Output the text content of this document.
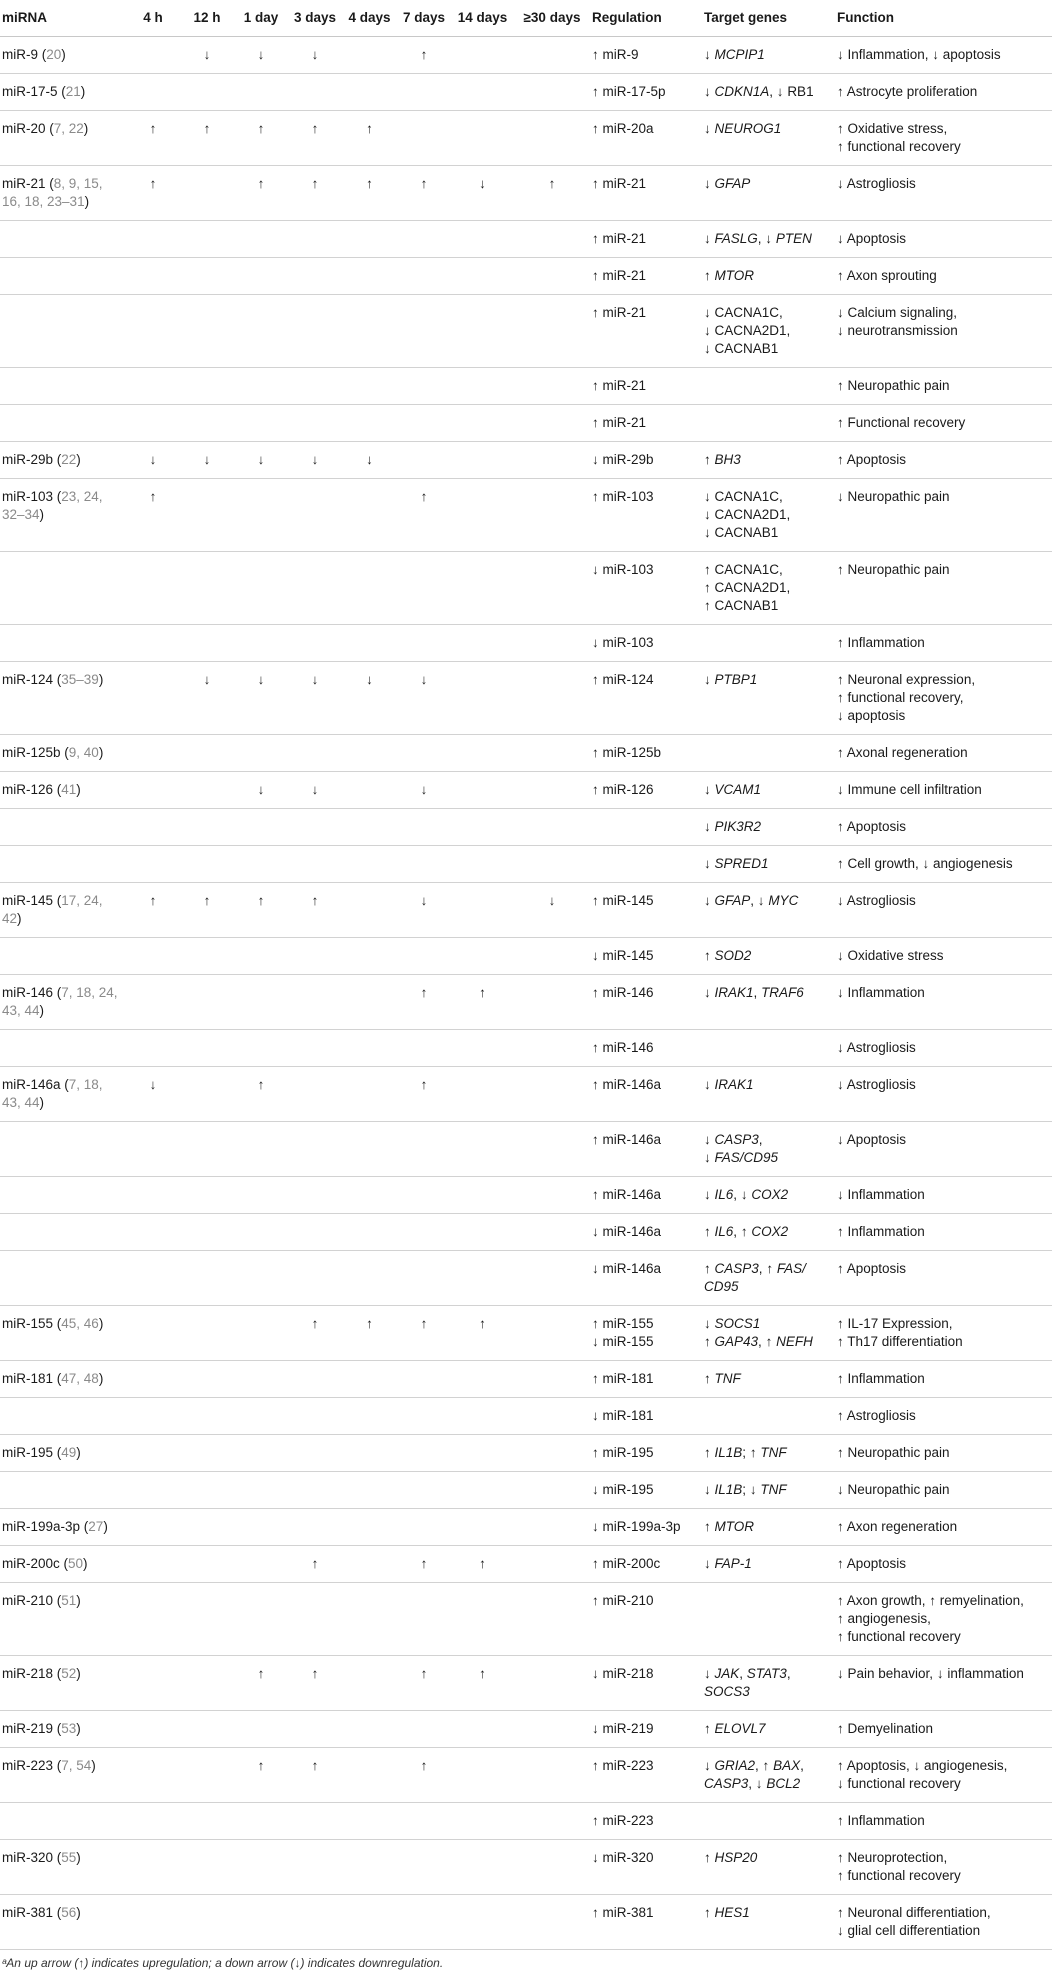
miRNA	4 h	12 h	1 day	3 days	4 days	7 days	14 days	≥30 days	Regulation	Target genes	Function
miR-9 (20)		↓	↓	↓		↑			↑ miR-9	↓ MCPIP1	↓ Inflammation, ↓ apoptosis

miR-17-5 (21)									↑ miR-17-5p	↓ CDKN1A, ↓ RB1	↑ Astrocyte proliferation

miR-20 (7, 22)	↑	↑	↑	↑	↑				↑ miR-20a	↓ NEUROG1	↑ Oxidative stress,
↑ functional recovery

miR-21 (8, 9, 15, 16, 18, 23–31)	↑		↑	↑	↑	↑	↓	↑	↑ miR-21	↓ GFAP	↓ Astrogliosis

									↑ miR-21	↓ FASLG, ↓ PTEN	↓ Apoptosis

									↑ miR-21	↑ MTOR	↑ Axon sprouting

									↑ miR-21	↓ CACNA1C,
↓ CACNA2D1,
↓ CACNAB1	↓ Calcium signaling,
↓ neurotransmission

									↑ miR-21		↑ Neuropathic pain

									↑ miR-21		↑ Functional recovery

miR-29b (22)	↓	↓	↓	↓	↓				↓ miR-29b	↑ BH3	↑ Apoptosis

miR-103 (23, 24, 32–34)	↑					↑			↑ miR-103	↓ CACNA1C,
↓ CACNA2D1,
↓ CACNAB1	↓ Neuropathic pain

									↓ miR-103	↑ CACNA1C,
↑ CACNA2D1,
↑ CACNAB1	↑ Neuropathic pain

									↓ miR-103		↑ Inflammation

miR-124 (35–39)		↓	↓	↓	↓	↓			↑ miR-124	↓ PTBP1	↑ Neuronal expression,
↑ functional recovery,
↓ apoptosis

miR-125b (9, 40)									↑ miR-125b		↑ Axonal regeneration

miR-126 (41)			↓	↓		↓			↑ miR-126	↓ VCAM1	↓ Immune cell infiltration

										↓ PIK3R2	↑ Apoptosis

										↓ SPRED1	↑ Cell growth, ↓ angiogenesis

miR-145 (17, 24, 42)	↑	↑	↑	↑		↓		↓	↑ miR-145	↓ GFAP, ↓ MYC	↓ Astrogliosis

									↓ miR-145	↑ SOD2	↓ Oxidative stress

miR-146 (7, 18, 24, 43, 44)						↑	↑		↑ miR-146	↓ IRAK1, TRAF6	↓ Inflammation

									↑ miR-146		↓ Astrogliosis

miR-146a (7, 18, 43, 44)	↓		↑			↑			↑ miR-146a	↓ IRAK1	↓ Astrogliosis

									↑ miR-146a	↓ CASP3,
↓ FAS/CD95	↓ Apoptosis

									↑ miR-146a	↓ IL6, ↓ COX2	↓ Inflammation

									↓ miR-146a	↑ IL6, ↑ COX2	↑ Inflammation

									↓ miR-146a	↑ CASP3, ↑ FAS/
CD95	↑ Apoptosis

miR-155 (45, 46)				↑	↑	↑	↑		↑ miR-155
↓ miR-155	↓ SOCS1
↑ GAP43, ↑ NEFH	↑ IL-17 Expression,
↑ Th17 differentiation

miR-181 (47, 48)									↑ miR-181	↑ TNF	↑ Inflammation

									↓ miR-181		↑ Astrogliosis

miR-195 (49)									↑ miR-195	↑ IL1B; ↑ TNF	↑ Neuropathic pain

									↓ miR-195	↓ IL1B; ↓ TNF	↓ Neuropathic pain

miR-199a-3p (27)									↓ miR-199a-3p	↑ MTOR	↑ Axon regeneration

miR-200c (50)				↑		↑	↑		↑ miR-200c	↓ FAP-1	↑ Apoptosis

miR-210 (51)									↑ miR-210		↑ Axon growth, ↑ remyelination,
↑ angiogenesis,
↑ functional recovery

miR-218 (52)			↑	↑		↑	↑		↓ miR-218	↓ JAK, STAT3,
SOCS3	↓ Pain behavior, ↓ inflammation

miR-219 (53)									↓ miR-219	↑ ELOVL7	↑ Demyelination

miR-223 (7, 54)			↑	↑		↑			↑ miR-223	↓ GRIA2, ↑ BAX,
CASP3, ↓ BCL2	↑ Apoptosis, ↓ angiogenesis,
↓ functional recovery

									↑ miR-223		↑ Inflammation

miR-320 (55)									↓ miR-320	↑ HSP20	↑ Neuroprotection,
↑ functional recovery

miR-381 (56)									↑ miR-381	↑ HES1	↑ Neuronal differentiation,
↓ glial cell differentiation
ᵃAn up arrow (↑) indicates upregulation; a down arrow (↓) indicates downregulation.
